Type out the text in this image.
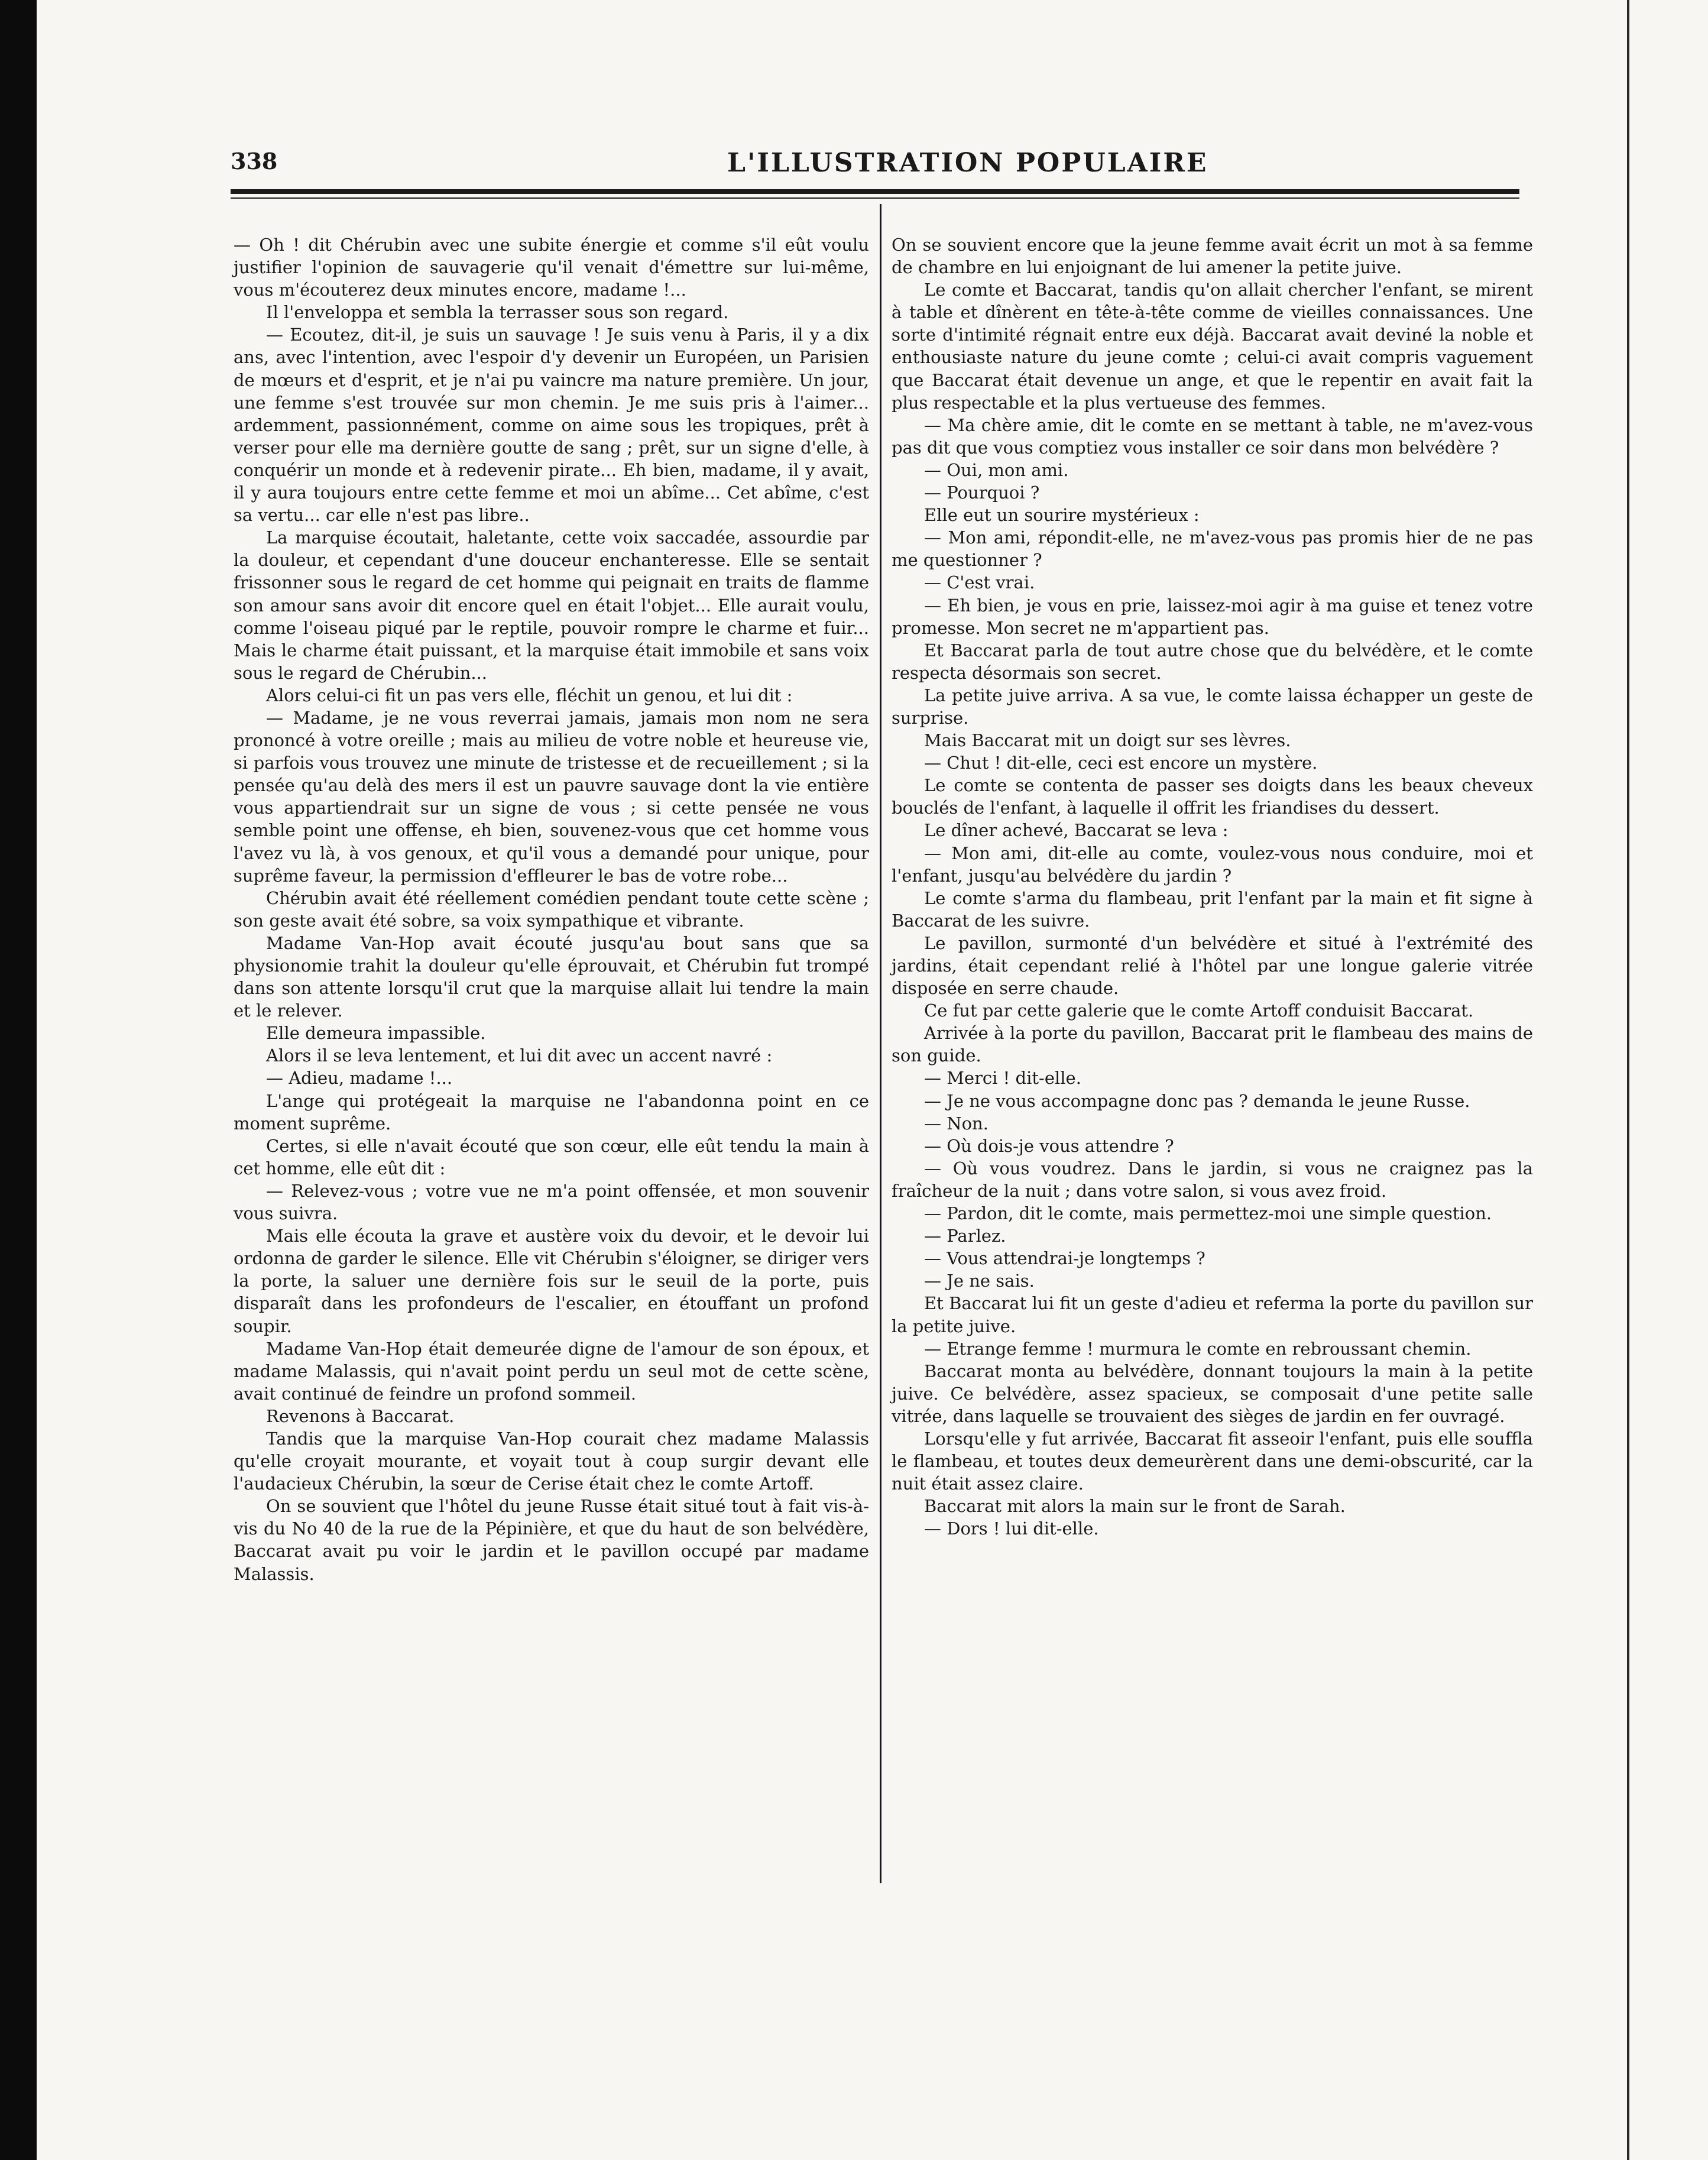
338	L'ILLUSTRATION POPULAIRE

— Oh ! dit Chérubin avec une subite énergie et comme s'il eût voulu justifier l'opinion de sauvagerie qu'il venait d'émettre sur lui-même, vous m'écouterez deux minutes encore, madame !...

Il l'enveloppa et sembla la terrasser sous son regard.

— Ecoutez, dit-il, je suis un sauvage ! Je suis venu à Paris, il y a dix ans, avec l'intention, avec l'espoir d'y devenir un Européen, un Parisien de mœurs et d'esprit, et je n'ai pu vaincre ma nature première. Un jour, une femme s'est trouvée sur mon chemin. Je me suis pris à l'aimer... ardemment, passionnément, comme on aime sous les tropiques, prêt à verser pour elle ma dernière goutte de sang ; prêt, sur un signe d'elle, à conquérir un monde et à redevenir pirate... Eh bien, madame, il y avait, il y aura toujours entre cette femme et moi un abîme... Cet abîme, c'est sa vertu... car elle n'est pas libre..

La marquise écoutait, haletante, cette voix saccadée, assourdie par la douleur, et cependant d'une douceur enchanteresse. Elle se sentait frissonner sous le regard de cet homme qui peignait en traits de flamme son amour sans avoir dit encore quel en était l'objet... Elle aurait voulu, comme l'oiseau piqué par le reptile, pouvoir rompre le charme et fuir... Mais le charme était puissant, et la marquise était immobile et sans voix sous le regard de Chérubin...

Alors celui-ci fit un pas vers elle, fléchit un genou, et lui dit :

— Madame, je ne vous reverrai jamais, jamais mon nom ne sera prononcé à votre oreille ; mais au milieu de votre noble et heureuse vie, si parfois vous trouvez une minute de tristesse et de recueillement ; si la pensée qu'au delà des mers il est un pauvre sauvage dont la vie entière vous appartiendrait sur un signe de vous ; si cette pensée ne vous semble point une offense, eh bien, souvenez-vous que cet homme vous l'avez vu là, à vos genoux, et qu'il vous a demandé pour unique, pour suprême faveur, la permission d'effleurer le bas de votre robe...

Chérubin avait été réellement comédien pendant toute cette scène ; son geste avait été sobre, sa voix sympathique et vibrante.

Madame Van-Hop avait écouté jusqu'au bout sans que sa physionomie trahit la douleur qu'elle éprouvait, et Chérubin fut trompé dans son attente lorsqu'il crut que la marquise allait lui tendre la main et le relever.

Elle demeura impassible.

Alors il se leva lentement, et lui dit avec un accent navré :

— Adieu, madame !...

L'ange qui protégeait la marquise ne l'abandonna point en ce moment suprême.

Certes, si elle n'avait écouté que son cœur, elle eût tendu la main à cet homme, elle eût dit :

— Relevez-vous ; votre vue ne m'a point offensée, et mon souvenir vous suivra.

Mais elle écouta la grave et austère voix du devoir, et le devoir lui ordonna de garder le silence. Elle vit Chérubin s'éloigner, se diriger vers la porte, la saluer une dernière fois sur le seuil de la porte, puis disparaît dans les profondeurs de l'escalier, en étouffant un profond soupir.

Madame Van-Hop était demeurée digne de l'amour de son époux, et madame Malassis, qui n'avait point perdu un seul mot de cette scène, avait continué de feindre un profond sommeil.

Revenons à Baccarat.

Tandis que la marquise Van-Hop courait chez madame Malassis qu'elle croyait mourante, et voyait tout à coup surgir devant elle l'audacieux Chérubin, la sœur de Cerise était chez le comte Artoff.

On se souvient que l'hôtel du jeune Russe était situé tout à fait vis-à-vis du No 40 de la rue de la Pépinière, et que du haut de son belvédère, Baccarat avait pu voir le jardin et le pavillon occupé par madame Malassis.

On se souvient encore que la jeune femme avait écrit un mot à sa femme de chambre en lui enjoignant de lui amener la petite juive.

Le comte et Baccarat, tandis qu'on allait chercher l'enfant, se mirent à table et dînèrent en tête-à-tête comme de vieilles connaissances. Une sorte d'intimité régnait entre eux déjà. Baccarat avait deviné la noble et enthousiaste nature du jeune comte ; celui-ci avait compris vaguement que Baccarat était devenue un ange, et que le repentir en avait fait la plus respectable et la plus vertueuse des femmes.

— Ma chère amie, dit le comte en se mettant à table, ne m'avez-vous pas dit que vous comptiez vous installer ce soir dans mon belvédère ?

— Oui, mon ami.

— Pourquoi ?

Elle eut un sourire mystérieux :

— Mon ami, répondit-elle, ne m'avez-vous pas promis hier de ne pas me questionner ?

— C'est vrai.

— Eh bien, je vous en prie, laissez-moi agir à ma guise et tenez votre promesse. Mon secret ne m'appartient pas.

Et Baccarat parla de tout autre chose que du belvédère, et le comte respecta désormais son secret.

La petite juive arriva. A sa vue, le comte laissa échapper un geste de surprise.

Mais Baccarat mit un doigt sur ses lèvres.

— Chut ! dit-elle, ceci est encore un mystère.

Le comte se contenta de passer ses doigts dans les beaux cheveux bouclés de l'enfant, à laquelle il offrit les friandises du dessert.

Le dîner achevé, Baccarat se leva :

— Mon ami, dit-elle au comte, voulez-vous nous conduire, moi et l'enfant, jusqu'au belvédère du jardin ?

Le comte s'arma du flambeau, prit l'enfant par la main et fit signe à Baccarat de les suivre.

Le pavillon, surmonté d'un belvédère et situé à l'extrémité des jardins, était cependant relié à l'hôtel par une longue galerie vitrée disposée en serre chaude.

Ce fut par cette galerie que le comte Artoff conduisit Baccarat.

Arrivée à la porte du pavillon, Baccarat prit le flambeau des mains de son guide.

— Merci ! dit-elle.

— Je ne vous accompagne donc pas ? demanda le jeune Russe.

— Non.

— Où dois-je vous attendre ?

— Où vous voudrez. Dans le jardin, si vous ne craignez pas la fraîcheur de la nuit ; dans votre salon, si vous avez froid.

— Pardon, dit le comte, mais permettez-moi une simple question.

— Parlez.

— Vous attendrai-je longtemps ?

— Je ne sais.

Et Baccarat lui fit un geste d'adieu et referma la porte du pavillon sur la petite juive.

— Etrange femme ! murmura le comte en rebroussant chemin.

Baccarat monta au belvédère, donnant toujours la main à la petite juive. Ce belvédère, assez spacieux, se composait d'une petite salle vitrée, dans laquelle se trouvaient des sièges de jardin en fer ouvragé.

Lorsqu'elle y fut arrivée, Baccarat fit asseoir l'enfant, puis elle souffla le flambeau, et toutes deux demeurèrent dans une demi-obscurité, car la nuit était assez claire.

Baccarat mit alors la main sur le front de Sarah.

— Dors ! lui dit-elle.
